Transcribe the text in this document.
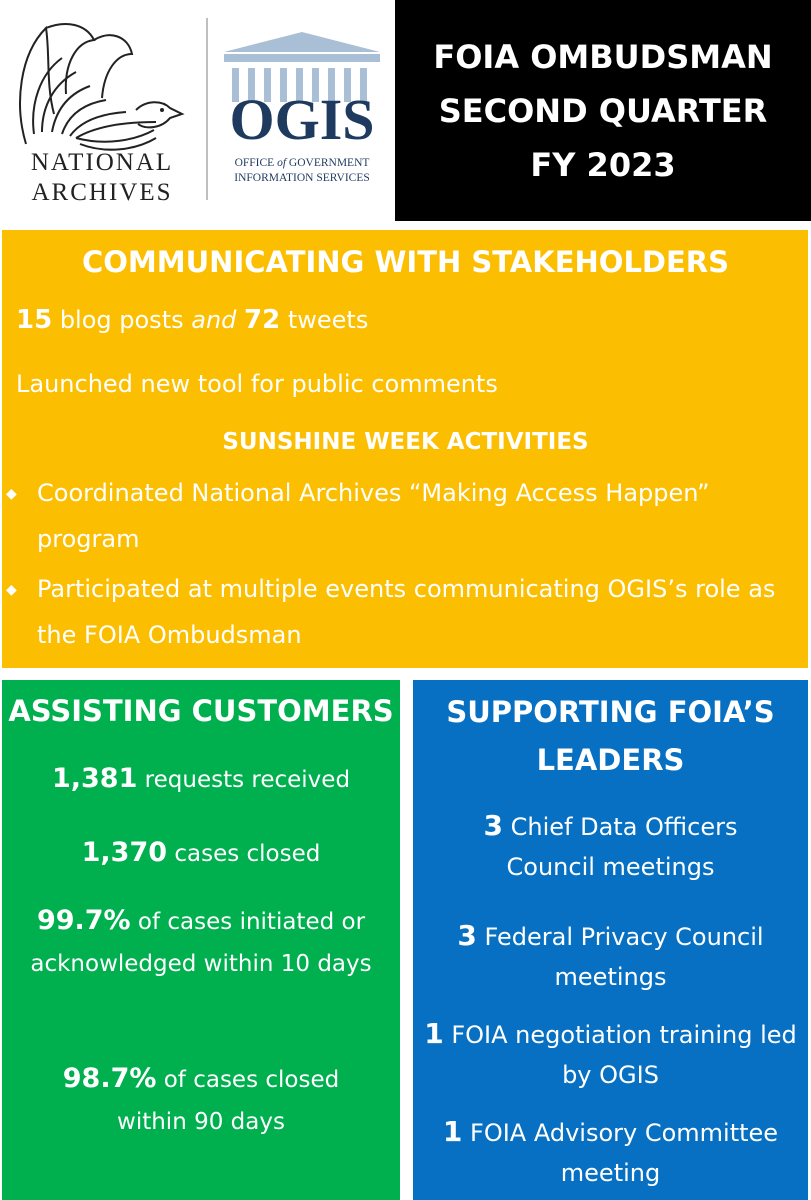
NATIONAL
ARCHIVES
OGIS
OFFICE of GOVERNMENT
INFORMATION SERVICES
FOIA OMBUDSMAN
SECOND QUARTER
FY 2023
COMMUNICATING WITH STAKEHOLDERS
15 blog posts and 72 tweets
Launched new tool for public comments
SUNSHINE WEEK ACTIVITIES
◆ Coordinated National Archives “Making Access Happen” program
◆ Participated at multiple events communicating OGIS’s role as the FOIA Ombudsman
ASSISTING CUSTOMERS
1,381 requests received
1,370 cases closed
99.7% of cases initiated or acknowledged within 10 days
98.7% of cases closed within 90 days
SUPPORTING FOIA’S
LEADERS
3 Chief Data Officers Council meetings
3 Federal Privacy Council meetings
1 FOIA negotiation training led by OGIS
1 FOIA Advisory Committee meeting
